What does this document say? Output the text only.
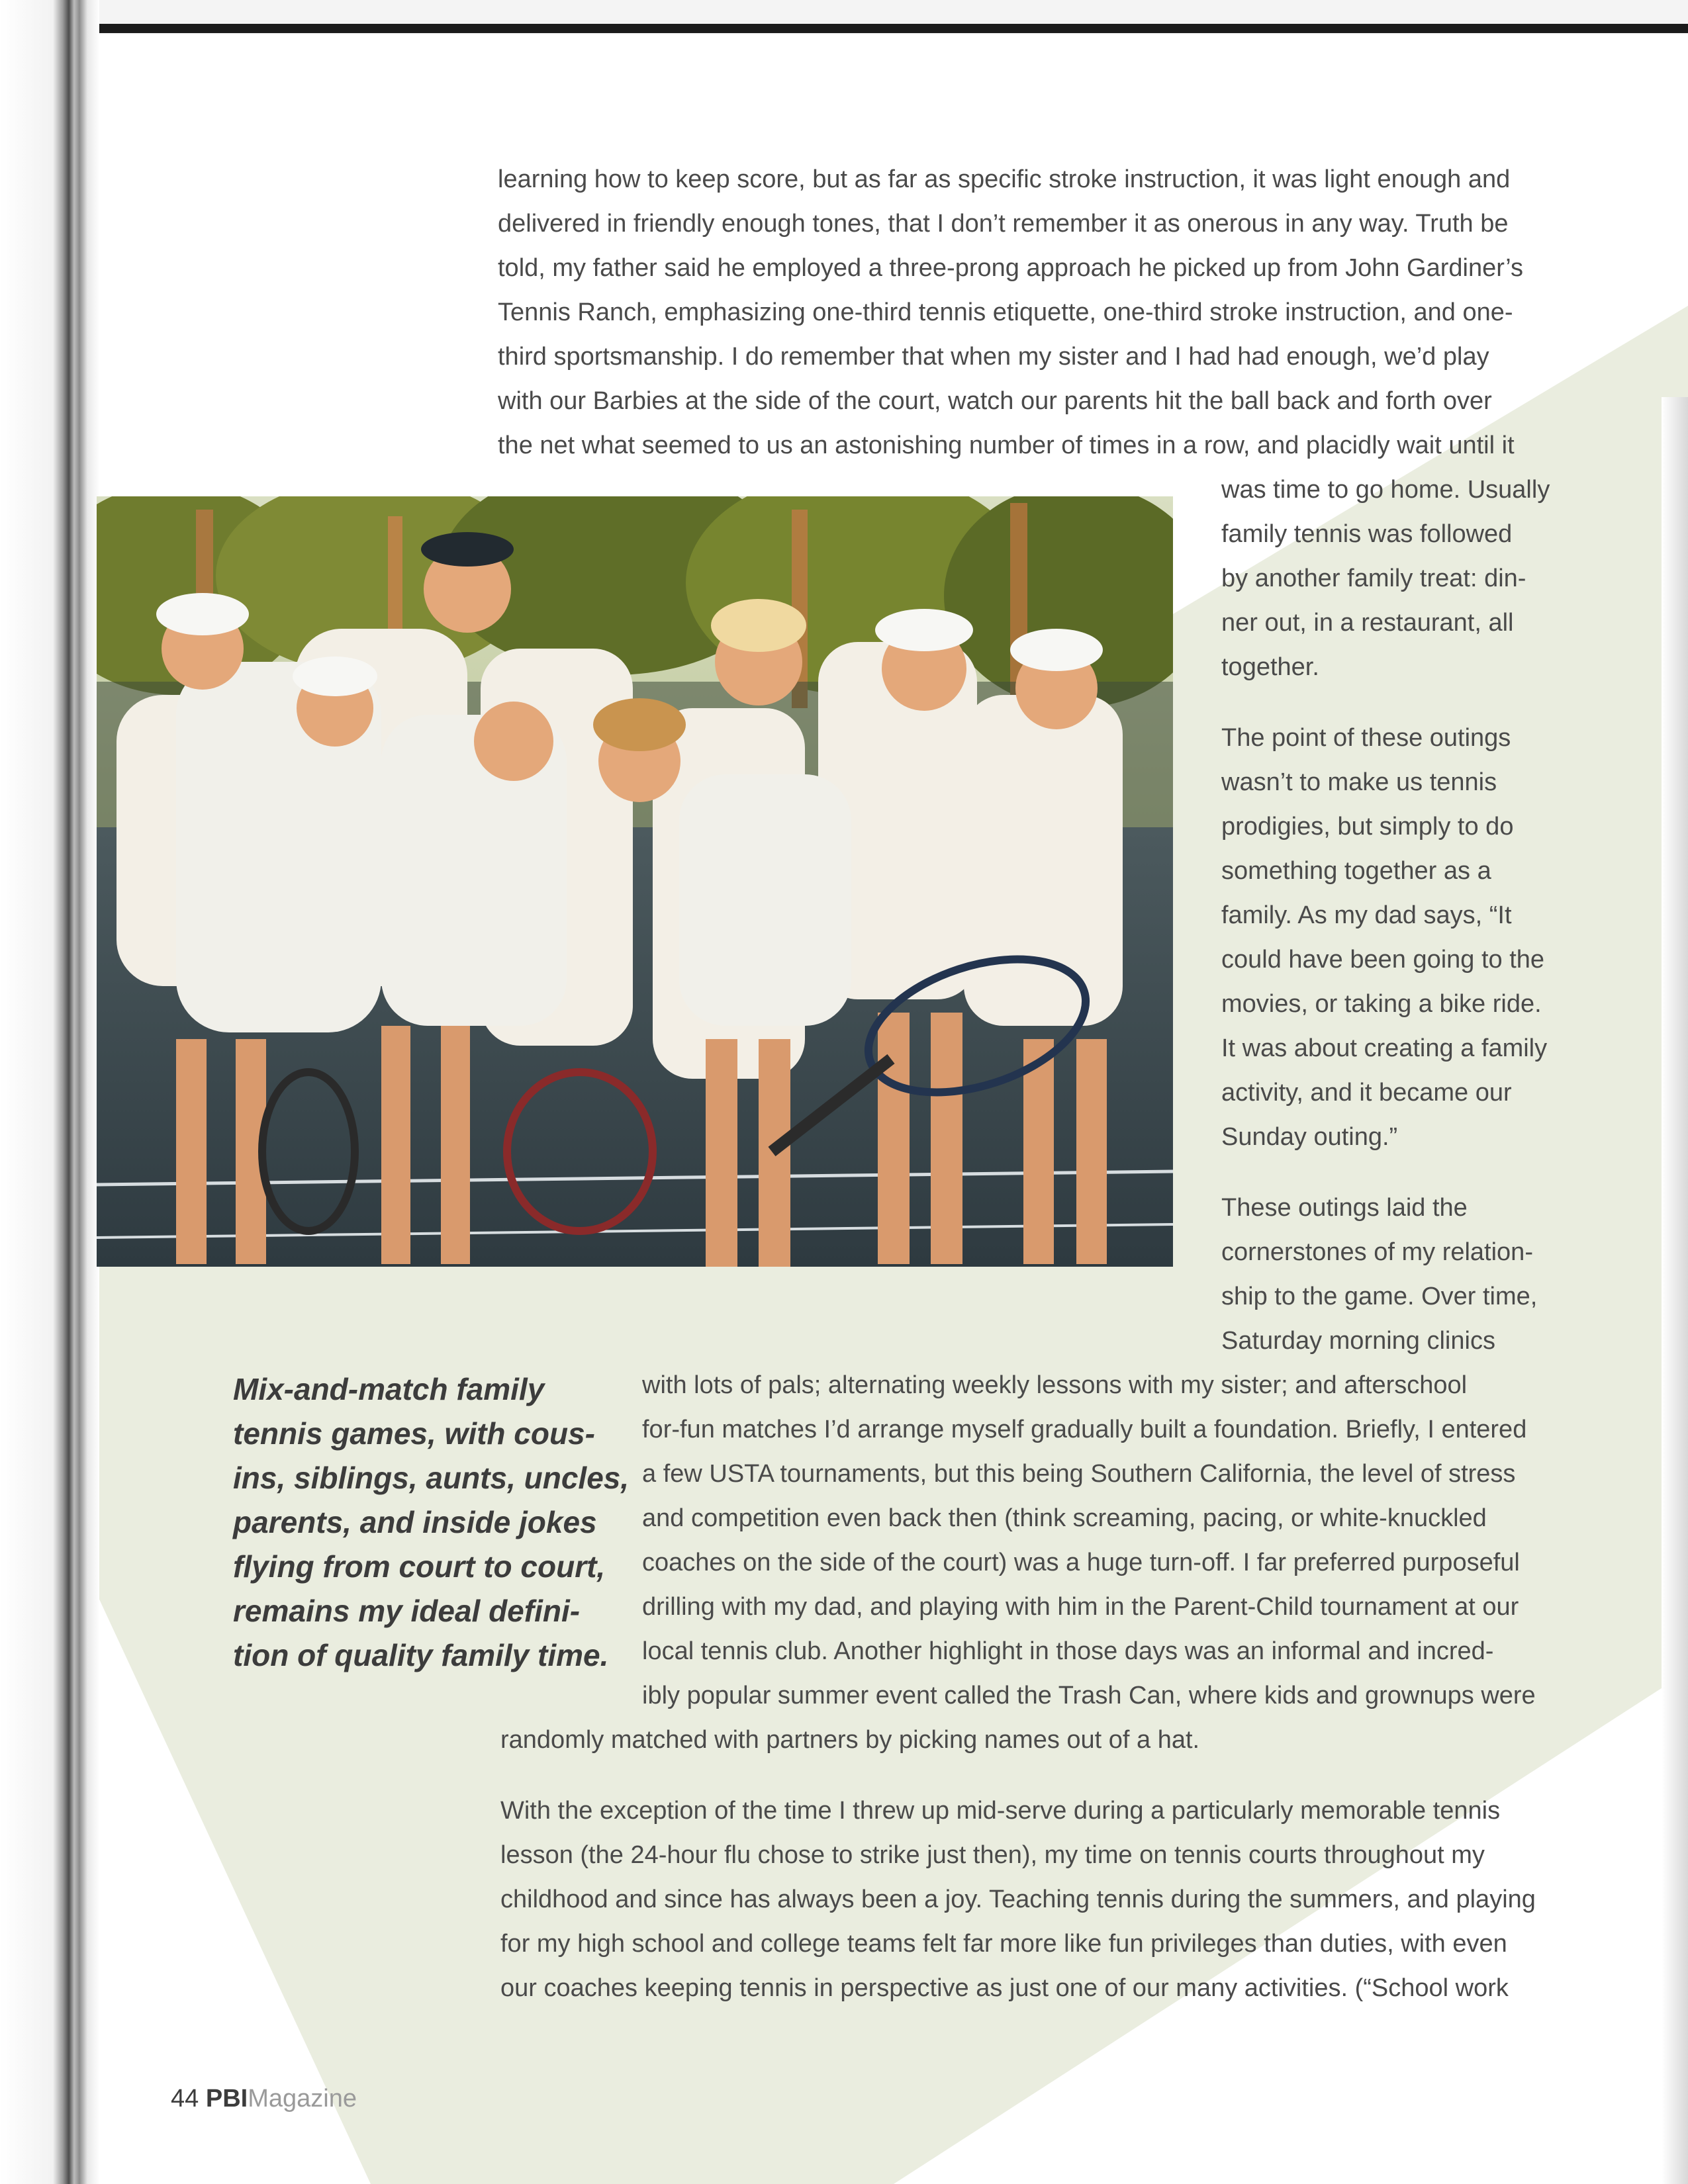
learning how to keep score, but as far as specific stroke instruction, it was light enough and
delivered in friendly enough tones, that I don’t remember it as onerous in any way. Truth be
told, my father said he employed a three-prong approach he picked up from John Gardiner’s
Tennis Ranch, emphasizing one-third tennis etiquette, one-third stroke instruction, and one-
third sportsmanship. I do remember that when my sister and I had had enough, we’d play
with our Barbies at the side of the court, watch our parents hit the ball back and forth over
the net what seemed to us an astonishing number of times in a row, and placidly wait until it
was time to go home. Usually
family tennis was followed
by another family treat: din-
ner out, in a restaurant, all
together.
The point of these outings
wasn’t to make us tennis
prodigies, but simply to do
something together as a
family. As my dad says, “It
could have been going to the
movies, or taking a bike ride.
It was about creating a family
activity, and it became our
Sunday outing.”
These outings laid the
cornerstones of my relation-
ship to the game. Over time,
Saturday morning clinics
with lots of pals; alternating weekly lessons with my sister; and afterschool
for-fun matches I’d arrange myself gradually built a foundation. Briefly, I entered
a few USTA tournaments, but this being Southern California, the level of stress
and competition even back then (think screaming, pacing, or white-knuckled
coaches on the side of the court) was a huge turn-off. I far preferred purposeful
drilling with my dad, and playing with him in the Parent-Child tournament at our
local tennis club. Another highlight in those days was an informal and incred-
ibly popular summer event called the Trash Can, where kids and grownups were
randomly matched with partners by picking names out of a hat.
With the exception of the time I threw up mid-serve during a particularly memorable tennis
lesson (the 24-hour flu chose to strike just then), my time on tennis courts throughout my
childhood and since has always been a joy. Teaching tennis during the summers, and playing
for my high school and college teams felt far more like fun privileges than duties, with even
our coaches keeping tennis in perspective as just one of our many activities. (“School work
Mix-and-match family
tennis games, with cous-
ins, siblings, aunts, uncles,
parents, and inside jokes
flying from court to court,
remains my ideal defini-
tion of quality family time.
44 PBIMagazine
